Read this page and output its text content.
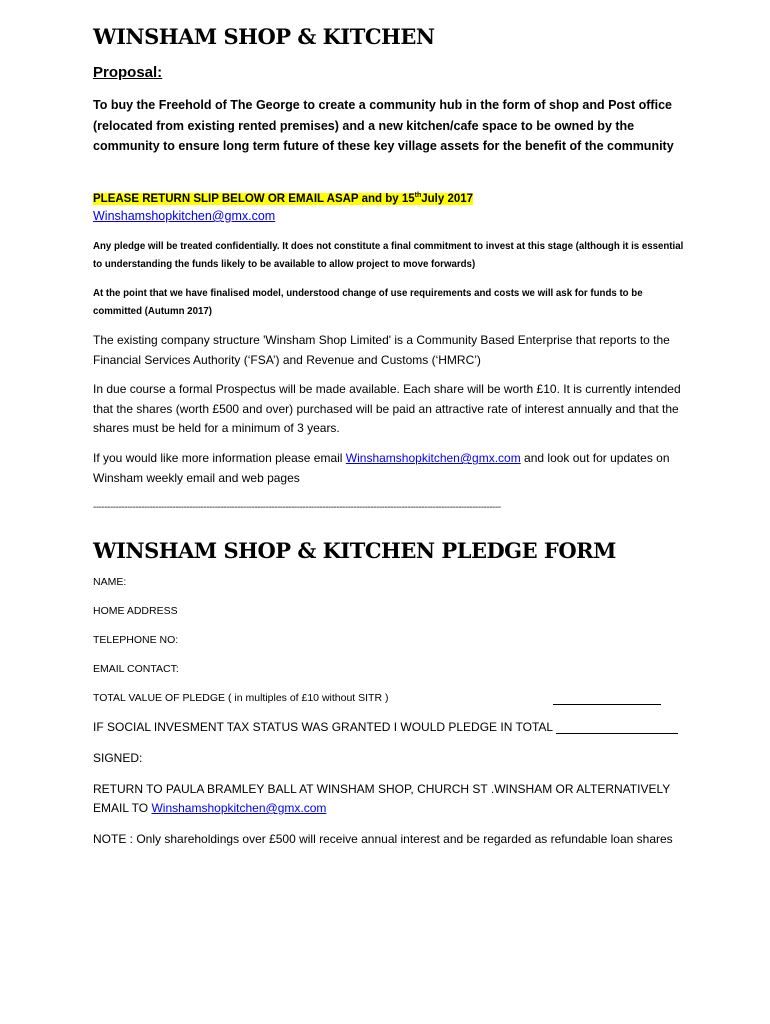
WINSHAM SHOP & KITCHEN
Proposal:
To buy the Freehold of The George to create a community hub in the form of shop and Post office (relocated from existing rented premises) and a new kitchen/cafe space to be owned by the community to ensure long term future of these key village assets for the benefit of the community
PLEASE RETURN SLIP BELOW OR EMAIL ASAP and by 15thJuly 2017
Winshamshopkitchen@gmx.com
Any pledge will be treated confidentially. It does not constitute a final commitment to invest at this stage (although it is essential to understanding the funds likely to be available to allow project to move forwards)
At the point that we have finalised model, understood change of use requirements and costs we will ask for funds to be committed (Autumn 2017)
The existing company structure 'Winsham Shop Limited' is a Community Based Enterprise that reports to the Financial Services Authority (‘FSA’) and Revenue and Customs (‘HMRC’)
In due course a formal Prospectus will be made available. Each share will be worth £10. It is currently intended that the shares (worth £500 and over) purchased will be paid an attractive rate of interest annually and that the shares must be held for a minimum of 3 years.
If you would like more information please email Winshamshopkitchen@gmx.com and look out for updates on Winsham weekly email and web pages
------------------------------------------------------------------------------------------------------------------------------------------------
WINSHAM SHOP & KITCHEN PLEDGE FORM
NAME:
HOME ADDRESS
TELEPHONE NO:
EMAIL CONTACT:
TOTAL VALUE OF PLEDGE ( in multiples of £10 without SITR )
IF SOCIAL INVESMENT TAX STATUS WAS GRANTED I WOULD PLEDGE IN TOTAL
SIGNED:
RETURN TO PAULA BRAMLEY BALL AT WINSHAM SHOP, CHURCH ST .WINSHAM OR ALTERNATIVELY
EMAIL TO Winshamshopkitchen@gmx.com
NOTE : Only shareholdings over £500 will receive annual interest and be regarded as refundable loan shares
